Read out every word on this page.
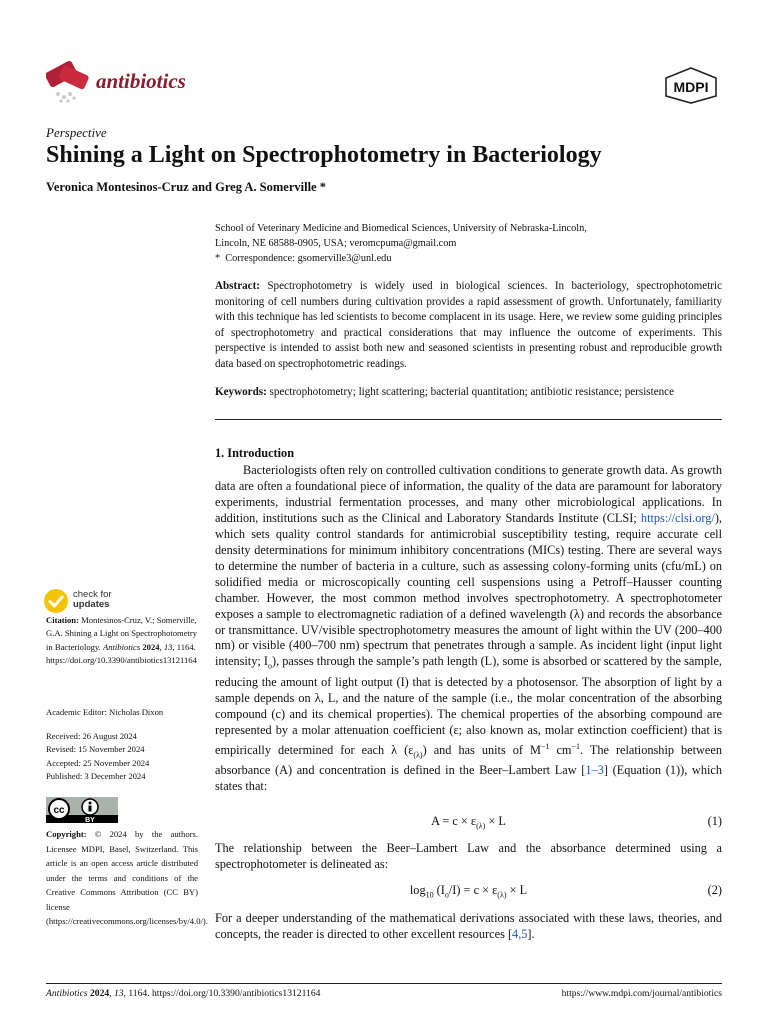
antibiotics	MDPI
Perspective
Shining a Light on Spectrophotometry in Bacteriology
Veronica Montesinos-Cruz and Greg A. Somerville *
School of Veterinary Medicine and Biomedical Sciences, University of Nebraska-Lincoln,
Lincoln, NE 68588-0905, USA; veromcpuma@gmail.com
*  Correspondence: gsomerville3@unl.edu
Abstract: Spectrophotometry is widely used in biological sciences. In bacteriology, spectrophotometric monitoring of cell numbers during cultivation provides a rapid assessment of growth. Unfortunately, familiarity with this technique has led scientists to become complacent in its usage. Here, we review some guiding principles of spectrophotometry and practical considerations that may influence the outcome of experiments. This perspective is intended to assist both new and seasoned scientists in presenting robust and reproducible growth data based on spectrophotometric readings.
Keywords: spectrophotometry; light scattering; bacterial quantitation; antibiotic resistance; persistence
check for
updates
Citation: Montesinos-Cruz, V.; Somerville, G.A. Shining a Light on Spectrophotometry in Bacteriology. Antibiotics 2024, 13, 1164. https://doi.org/10.3390/antibiotics13121164
Academic Editor: Nicholas Dixon
Received: 26 August 2024
Revised: 15 November 2024
Accepted: 25 November 2024
Published: 3 December 2024
cc
BY
Copyright: © 2024 by the authors. Licensee MDPI, Basel, Switzerland. This article is an open access article distributed under the terms and conditions of the Creative Commons Attribution (CC BY) license (https://creativecommons.org/licenses/by/4.0/).
1. Introduction

Bacteriologists often rely on controlled cultivation conditions to generate growth data. As growth data are often a foundational piece of information, the quality of the data are paramount for laboratory experiments, industrial fermentation processes, and many other microbiological applications. In addition, institutions such as the Clinical and Laboratory Standards Institute (CLSI; https://clsi.org/), which sets quality control standards for antimicrobial susceptibility testing, require accurate cell density determinations for minimum inhibitory concentrations (MICs) testing. There are several ways to determine the number of bacteria in a culture, such as assessing colony-forming units (cfu/mL) on solidified media or microscopically counting cell suspensions using a Petroff–Hausser counting chamber. However, the most common method involves spectrophotometry. A spectrophotometer exposes a sample to electromagnetic radiation of a defined wavelength (λ) and records the absorbance or transmittance. UV/visible spectrophotometry measures the amount of light within the UV (200–400 nm) or visible (400–700 nm) spectrum that penetrates through a sample. As incident light (input light intensity; $I_o$), passes through the sample’s path length (L), some is absorbed or scattered by the sample, reducing the amount of light output (I) that is detected by a photosensor. The absorption of light by a sample depends on λ, L, and the nature of the sample (i.e., the molar concentration of the absorbing compound (c) and its chemical properties). The chemical properties of the absorbing compound are represented by a molar attenuation coefficient (ε; also known as, molar extinction coefficient) that is empirically determined for each λ $(\varepsilon_{(\lambda)})$ and has units of $M^{-1}$ $cm^{-1}$. The relationship between absorbance (A) and concentration is defined in the Beer–Lambert Law [1–3] (Equation (1)), which states that:

$A = c \times \varepsilon_{(\lambda)} \times L$	(1)
The relationship between the Beer–Lambert Law and the absorbance determined using a spectrophotometer is delineated as:
$\log_{10} (I_o/I) = c \times \varepsilon_{(\lambda)} \times L$	(2)
For a deeper understanding of the mathematical derivations associated with these laws, theories, and concepts, the reader is directed to other excellent resources [4,5].
Antibiotics 2024, 13, 1164. https://doi.org/10.3390/antibiotics13121164	https://www.mdpi.com/journal/antibiotics
